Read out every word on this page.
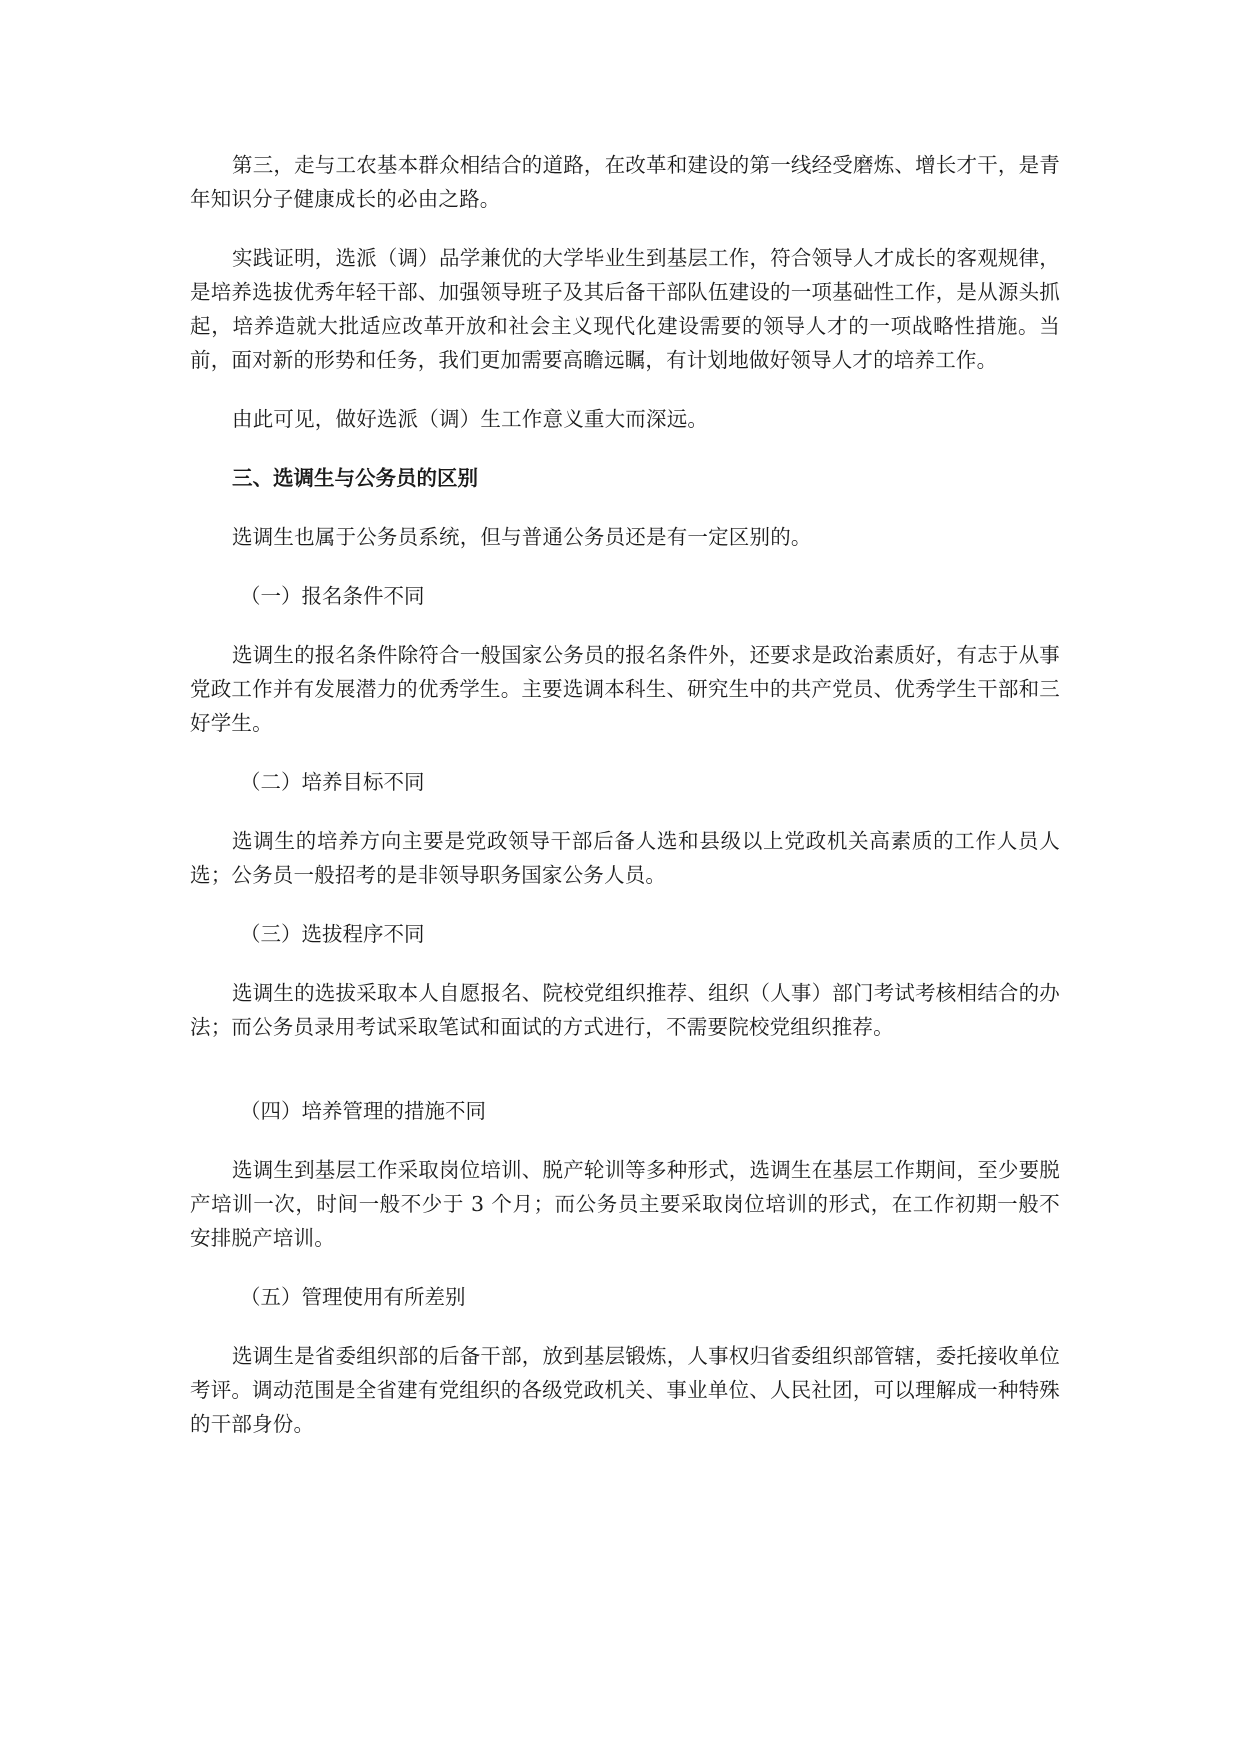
第三，走与工农基本群众相结合的道路，在改革和建设的第一线经受磨炼、增长才干，是青年知识分子健康成长的必由之路。

实践证明，选派（调）品学兼优的大学毕业生到基层工作，符合领导人才成长的客观规律，是培养选拔优秀年轻干部、加强领导班子及其后备干部队伍建设的一项基础性工作，是从源头抓起，培养造就大批适应改革开放和社会主义现代化建设需要的领导人才的一项战略性措施。当前，面对新的形势和任务，我们更加需要高瞻远瞩，有计划地做好领导人才的培养工作。

由此可见，做好选派（调）生工作意义重大而深远。

三、选调生与公务员的区别

选调生也属于公务员系统，但与普通公务员还是有一定区别的。

（一）报名条件不同

选调生的报名条件除符合一般国家公务员的报名条件外，还要求是政治素质好，有志于从事党政工作并有发展潜力的优秀学生。主要选调本科生、研究生中的共产党员、优秀学生干部和三好学生。

（二）培养目标不同

选调生的培养方向主要是党政领导干部后备人选和县级以上党政机关高素质的工作人员人选；公务员一般招考的是非领导职务国家公务人员。

（三）选拔程序不同

选调生的选拔采取本人自愿报名、院校党组织推荐、组织（人事）部门考试考核相结合的办法；而公务员录用考试采取笔试和面试的方式进行，不需要院校党组织推荐。

（四）培养管理的措施不同

选调生到基层工作采取岗位培训、脱产轮训等多种形式，选调生在基层工作期间，至少要脱产培训一次，时间一般不少于 3 个月；而公务员主要采取岗位培训的形式，在工作初期一般不安排脱产培训。

（五）管理使用有所差别

选调生是省委组织部的后备干部，放到基层锻炼，人事权归省委组织部管辖，委托接收单位考评。调动范围是全省建有党组织的各级党政机关、事业单位、人民社团，可以理解成一种特殊的干部身份。
